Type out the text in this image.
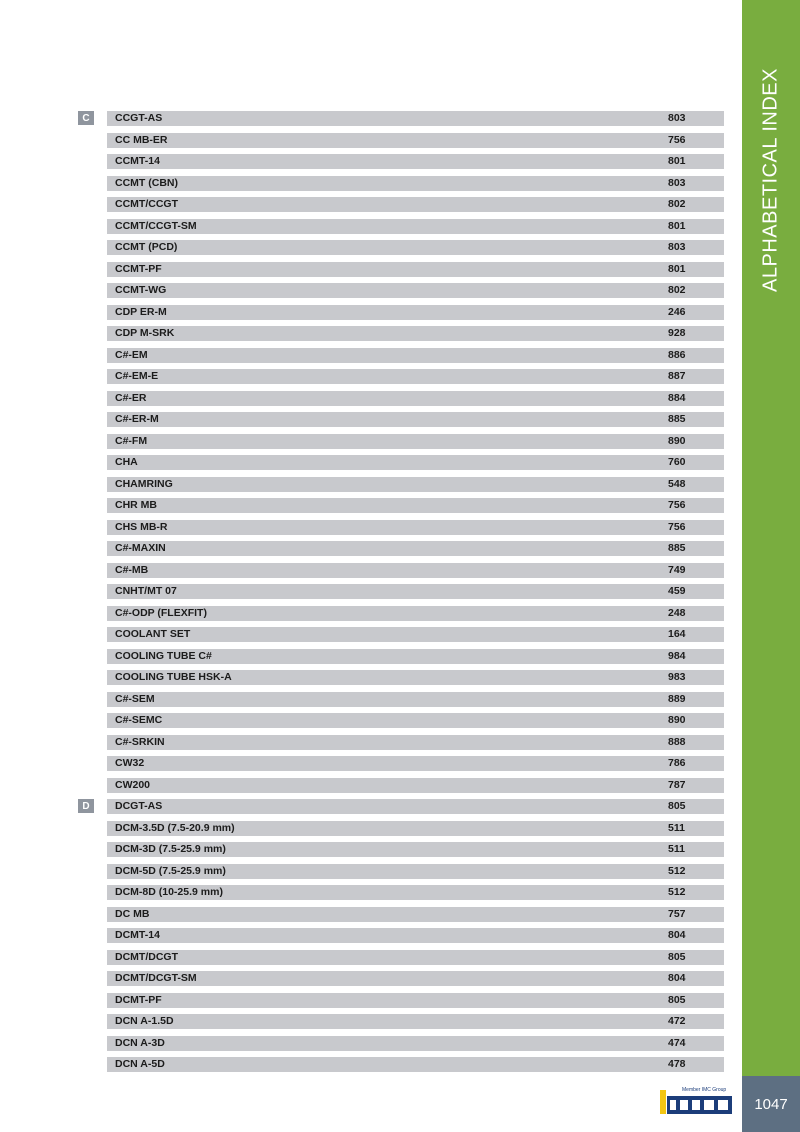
ALPHABETICAL INDEX
1047
C	CCGT-AS	803
CC MB-ER	756
CCMT-14	801
CCMT (CBN)	803
CCMT/CCGT	802
CCMT/CCGT-SM	801
CCMT (PCD)	803
CCMT-PF	801
CCMT-WG	802
CDP ER-M	246
CDP M-SRK	928
C#-EM	886
C#-EM-E	887
C#-ER	884
C#-ER-M	885
C#-FM	890
CHA	760
CHAMRING	548
CHR MB	756
CHS MB-R	756
C#-MAXIN	885
C#-MB	749
CNHT/MT 07	459
C#-ODP (FLEXFIT)	248
COOLANT SET	164
COOLING TUBE C#	984
COOLING TUBE HSK-A	983
C#-SEM	889
C#-SEMC	890
C#-SRKIN	888
CW32	786
CW200	787
D	DCGT-AS	805
DCM-3.5D (7.5-20.9 mm)	511
DCM-3D (7.5-25.9 mm)	511
DCM-5D (7.5-25.9 mm)	512
DCM-8D (10-25.9 mm)	512
DC MB	757
DCMT-14	804
DCMT/DCGT	805
DCMT/DCGT-SM	804
DCMT-PF	805
DCN A-1.5D	472
DCN A-3D	474
DCN A-5D	478
Member IMC Group
